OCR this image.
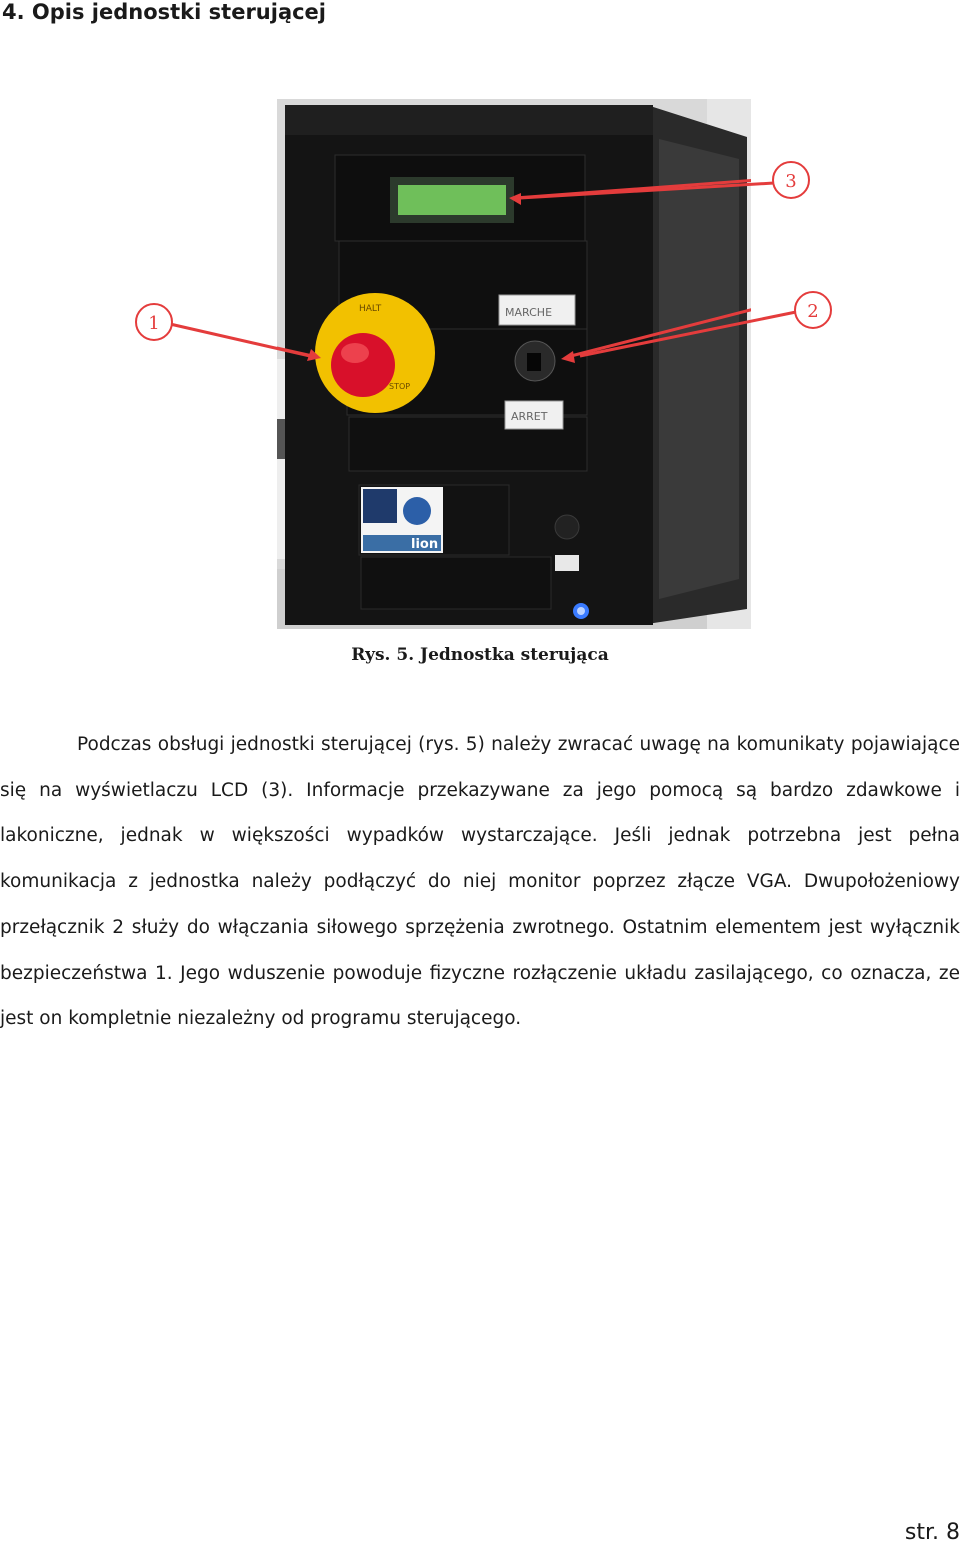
4. Opis jednostki sterującej
HALT
STOP
MARCHE
ARRET
lion
1
2
3
Rys. 5. Jednostka sterująca

Podczas obsługi jednostki sterującej (rys. 5) należy zwracać uwagę na komunikaty pojawiające się na wyświetlaczu LCD (3). Informacje przekazywane za jego pomocą są bardzo zdawkowe i lakoniczne, jednak w większości wypadków wystarczające. Jeśli jednak potrzebna jest pełna komunikacja z jednostka należy podłączyć do niej monitor poprzez złącze VGA. Dwupołożeniowy przełącznik 2 służy do włączania siłowego sprzężenia zwrotnego. Ostatnim elementem jest wyłącznik bezpieczeństwa 1. Jego wduszenie powoduje fizyczne rozłączenie układu zasilającego, co oznacza, ze jest on kompletnie niezależny od programu sterującego.

str. 8
